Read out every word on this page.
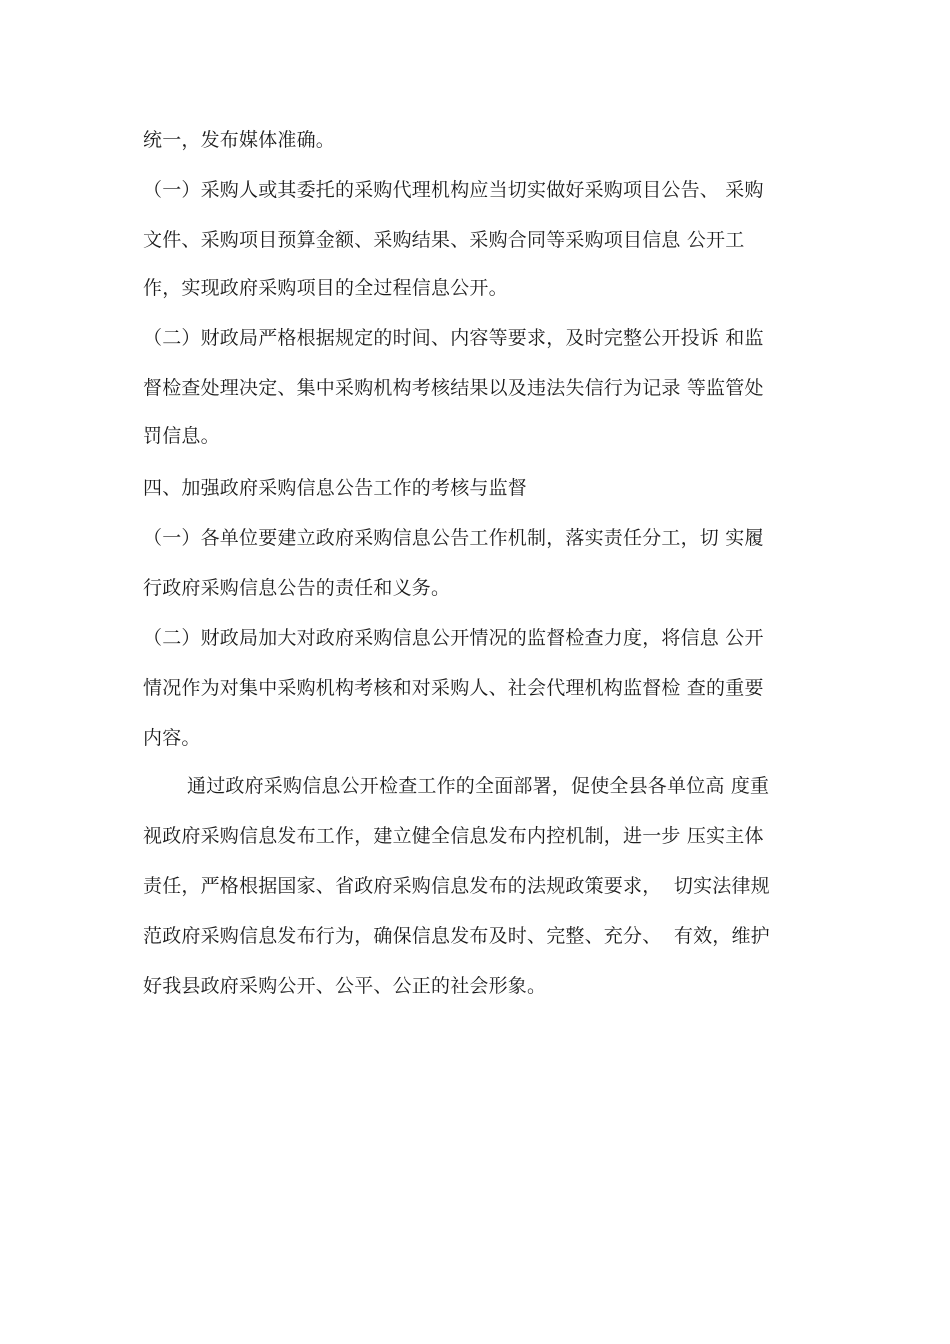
统一，发布媒体准确。

（一）采购人或其委托的采购代理机构应当切实做好采购项目公告、 采购

文件、采购项目预算金额、采购结果、采购合同等采购项目信息 公开工

作，实现政府采购项目的全过程信息公开。

（二）财政局严格根据规定的时间、内容等要求，及时完整公开投诉 和监

督检查处理决定、集中采购机构考核结果以及违法失信行为记录 等监管处

罚信息。

四、加强政府采购信息公告工作的考核与监督

（一）各单位要建立政府采购信息公告工作机制，落实责任分工，切 实履

行政府采购信息公告的责任和义务。

（二）财政局加大对政府采购信息公开情况的监督检查力度，将信息 公开

情况作为对集中采购机构考核和对采购人、社会代理机构监督检 查的重要

内容。

通过政府采购信息公开检查工作的全面部署，促使全县各单位高 度重

视政府采购信息发布工作，建立健全信息发布内控机制，进一步 压实主体

责任，严格根据国家、省政府采购信息发布的法规政策要求，  切实法律规

范政府采购信息发布行为，确保信息发布及时、完整、充分、  有效，维护

好我县政府采购公开、公平、公正的社会形象。
